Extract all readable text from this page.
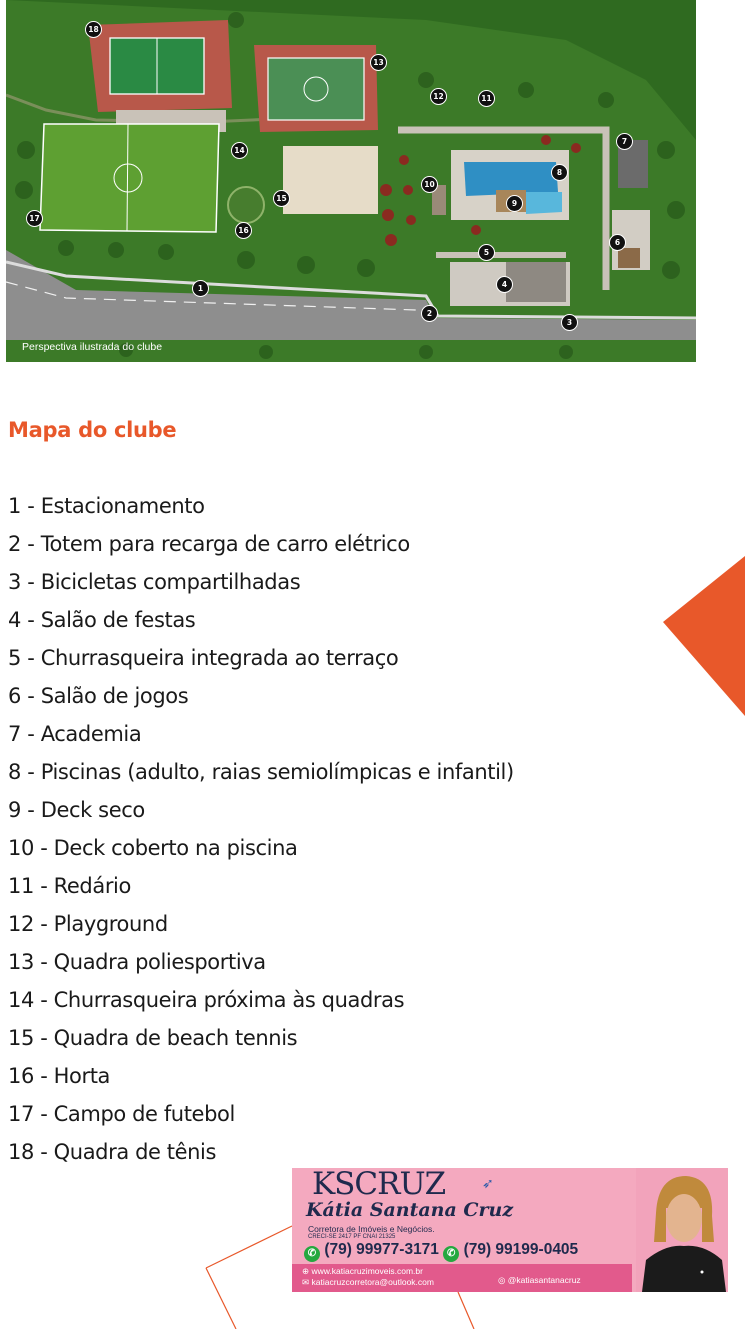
1
2
3
4
5
6
7
8
9
10
11
12
13
14
15
16
17
18
Perspectiva ilustrada do clube
Mapa do clube
1 - Estacionamento
2 - Totem para recarga de carro elétrico
3 - Bicicletas compartilhadas
4 - Salão de festas
5 - Churrasqueira integrada ao terraço
6 - Salão de jogos
7 - Academia
8 - Piscinas (adulto, raias semiolímpicas e infantil)
9 - Deck seco
10 - Deck coberto na piscina
11 - Redário
12 - Playground
13 - Quadra poliesportiva
14 - Churrasqueira próxima às quadras
15 - Quadra de beach tennis
16 - Horta
17 - Campo de futebol
18 - Quadra de tênis
KSCRUZ	➶
Kátia Santana Cruz
Corretora de Imóveis e Negócios.
CRECI-SE 2417 PF CNAI 21325
✆ (79) 99977-3171 ✆ (79) 99199-0405
⊕ www.katiacruzimoveis.com.br
✉ katiacruzcorretora@outlook.com	◎ @katiasantanacruz
